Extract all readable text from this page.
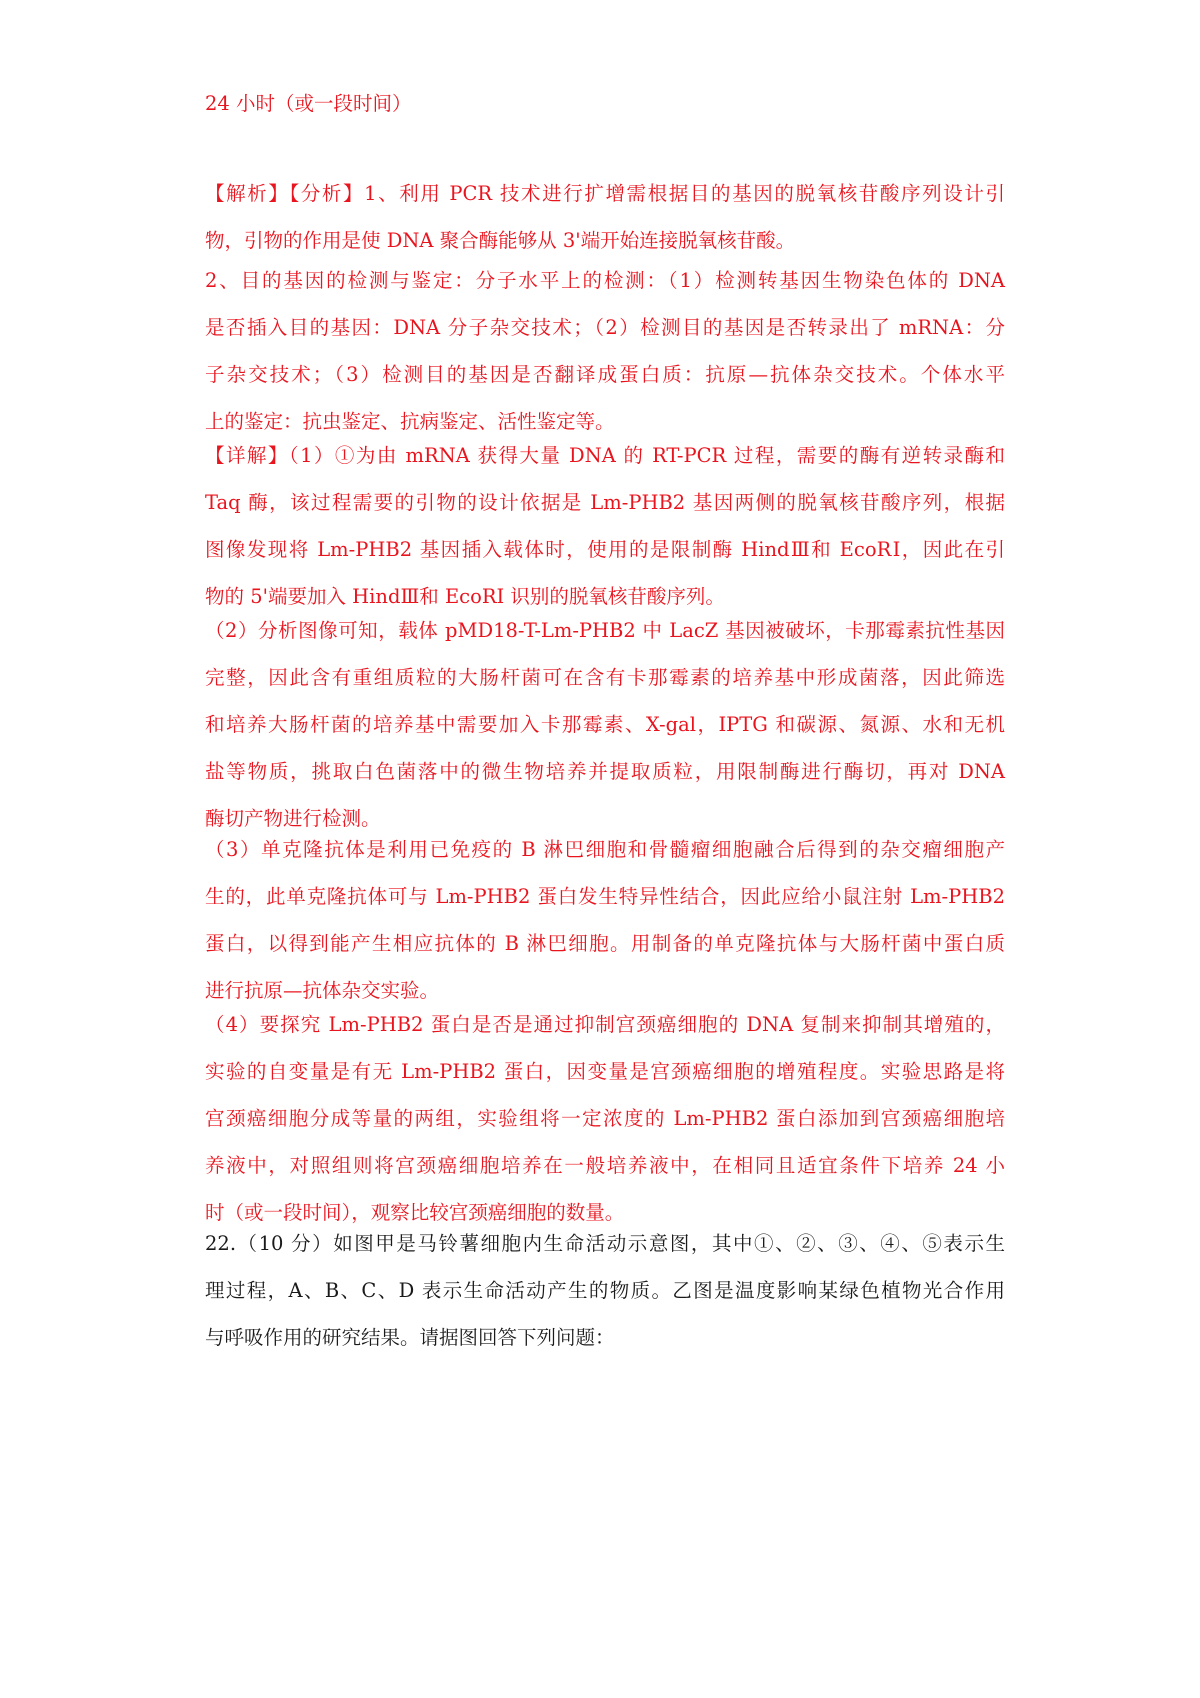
24 小时（或一段时间）
【解析】【分析】1、利用 PCR 技术进行扩增需根据目的基因的脱氧核苷酸序列设计引
物，引物的作用是使 DNA 聚合酶能够从 3'端开始连接脱氧核苷酸。
2、目的基因的检测与鉴定：分子水平上的检测：（1）检测转基因生物染色体的 DNA
是否插入目的基因：DNA 分子杂交技术；（2）检测目的基因是否转录出了 mRNA：分
子杂交技术；（3）检测目的基因是否翻译成蛋白质：抗原—抗体杂交技术。个体水平
上的鉴定：抗虫鉴定、抗病鉴定、活性鉴定等。
【详解】（1）①为由 mRNA 获得大量 DNA 的 RT-PCR 过程，需要的酶有逆转录酶和
Taq 酶，该过程需要的引物的设计依据是 Lm-PHB2 基因两侧的脱氧核苷酸序列，根据
图像发现将 Lm-PHB2 基因插入载体时，使用的是限制酶 HindⅢ和 EcoRⅠ，因此在引
物的 5'端要加入 HindⅢ和 EcoRI 识别的脱氧核苷酸序列。
（2）分析图像可知，载体 pMD18-T-Lm-PHB2 中 LacZ 基因被破坏，卡那霉素抗性基因
完整，因此含有重组质粒的大肠杆菌可在含有卡那霉素的培养基中形成菌落，因此筛选
和培养大肠杆菌的培养基中需要加入卡那霉素、X-gal，IPTG 和碳源、氮源、水和无机
盐等物质，挑取白色菌落中的微生物培养并提取质粒，用限制酶进行酶切，再对 DNA
酶切产物进行检测。
（3）单克隆抗体是利用已免疫的 B 淋巴细胞和骨髓瘤细胞融合后得到的杂交瘤细胞产
生的，此单克隆抗体可与 Lm-PHB2 蛋白发生特异性结合，因此应给小鼠注射 Lm-PHB2
蛋白，以得到能产生相应抗体的 B 淋巴细胞。用制备的单克隆抗体与大肠杆菌中蛋白质
进行抗原—抗体杂交实验。
（4）要探究 Lm-PHB2 蛋白是否是通过抑制宫颈癌细胞的 DNA 复制来抑制其增殖的，
实验的自变量是有无 Lm-PHB2 蛋白，因变量是宫颈癌细胞的增殖程度。实验思路是将
宫颈癌细胞分成等量的两组，实验组将一定浓度的 Lm-PHB2 蛋白添加到宫颈癌细胞培
养液中，对照组则将宫颈癌细胞培养在一般培养液中，在相同且适宜条件下培养 24 小
时（或一段时间），观察比较宫颈癌细胞的数量。
22.（10 分）如图甲是马铃薯细胞内生命活动示意图，其中①、②、③、④、⑤表示生
理过程，A、B、C、D 表示生命活动产生的物质。乙图是温度影响某绿色植物光合作用
与呼吸作用的研究结果。请据图回答下列问题：
